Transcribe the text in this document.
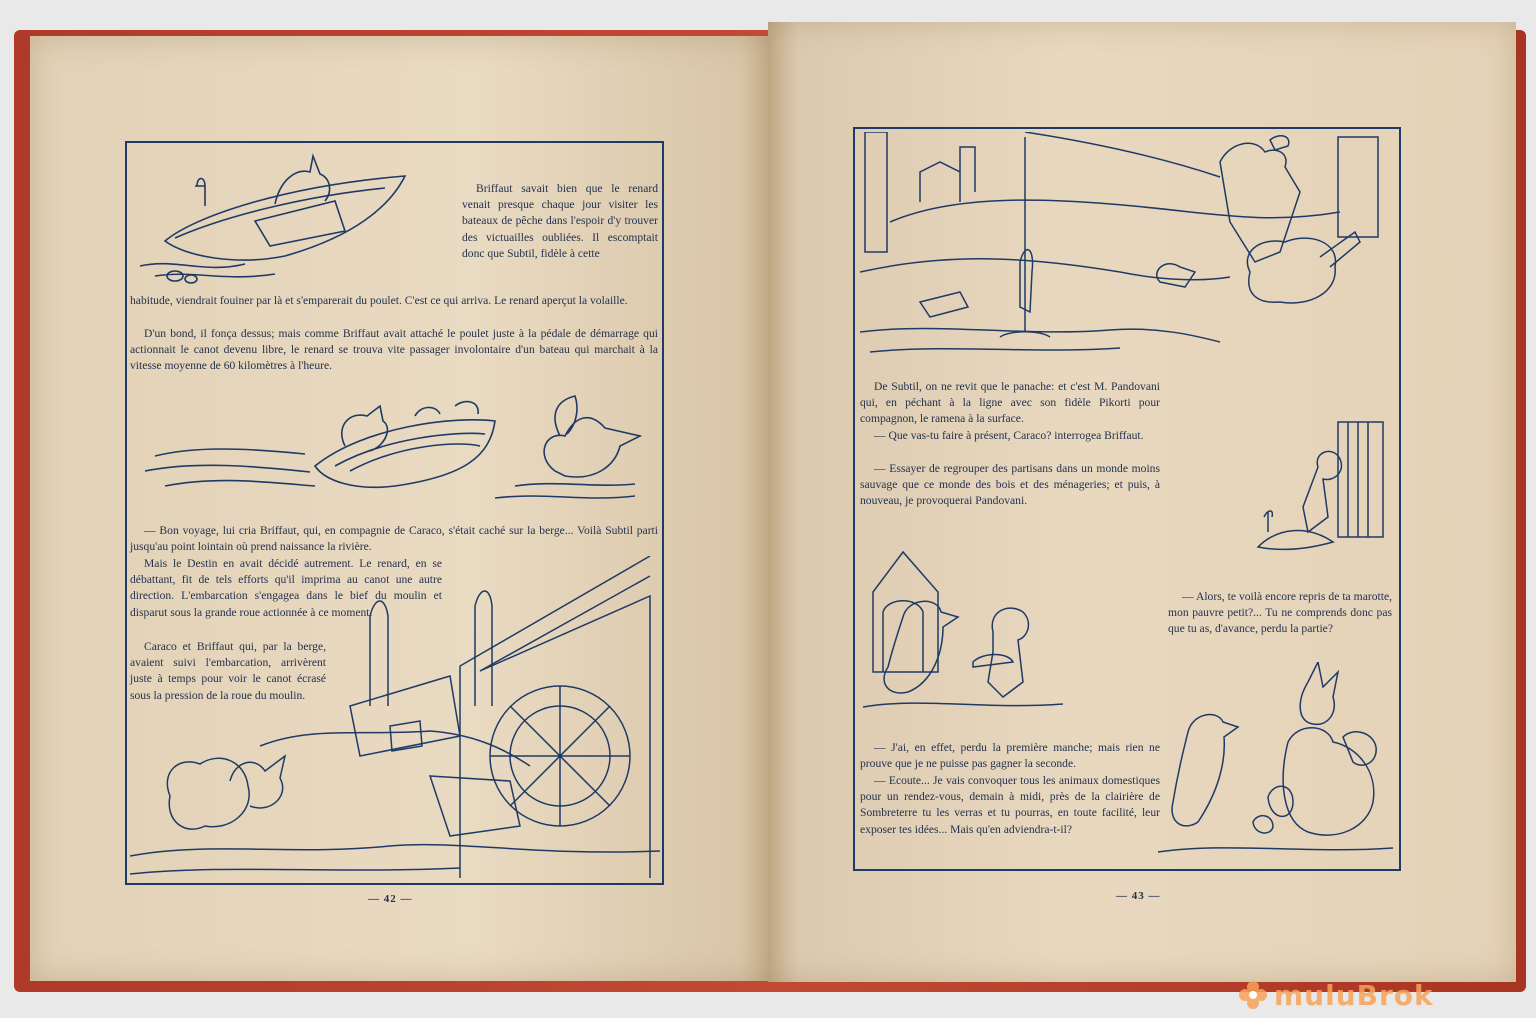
Briffaut savait bien que le renard venait presque chaque jour visiter les bateaux de pêche dans l'espoir d'y trouver des victuailles oubliées. Il escomptait donc que Subtil, fidèle à cette

habitude, viendrait fouiner par là et s'emparerait du poulet. C'est ce qui arriva. Le renard aperçut la volaille.

D'un bond, il fonça dessus; mais comme Briffaut avait attaché le poulet juste à la pédale de démarrage qui actionnait le canot devenu libre, le renard se trouva vite passager involontaire d'un bateau qui marchait à la vitesse moyenne de 60 kilomètres à l'heure.

— Bon voyage, lui cria Briffaut, qui, en compagnie de Caraco, s'était caché sur la berge... Voilà Subtil parti jusqu'au point lointain où prend naissance la rivière.

Mais le Destin en avait décidé autrement. Le renard, en se débattant, fit de tels efforts qu'il imprima au canot une autre direction. L'embarcation s'engagea dans le bief du moulin et disparut sous la grande roue actionnée à ce moment.

Caraco et Briffaut qui, par la berge, avaient suivi l'embarcation, arrivèrent juste à temps pour voir le canot écrasé sous la pression de la roue du moulin.

— 42 —

De Subtil, on ne revit que le panache: et c'est M. Pandovani qui, en péchant à la ligne avec son fidèle Pikorti pour compagnon, le ramena à la surface.

— Que vas-tu faire à présent, Caraco? interrogea Briffaut.

— Essayer de regrouper des partisans dans un monde moins sauvage que ce monde des bois et des ménageries; et puis, à nouveau, je provoquerai Pandovani.

— Alors, te voilà encore repris de ta marotte, mon pauvre petit?... Tu ne comprends donc pas que tu as, d'avance, perdu la partie?

— J'ai, en effet, perdu la première manche; mais rien ne prouve que je ne puisse pas gagner la seconde.

— Ecoute... Je vais convoquer tous les animaux domestiques pour un rendez-vous, demain à midi, près de la clairière de Sombreterre tu les verras et tu pourras, en toute facilité, leur exposer tes idées... Mais qu'en adviendra-t-il?

— 43 —
muluBrok
